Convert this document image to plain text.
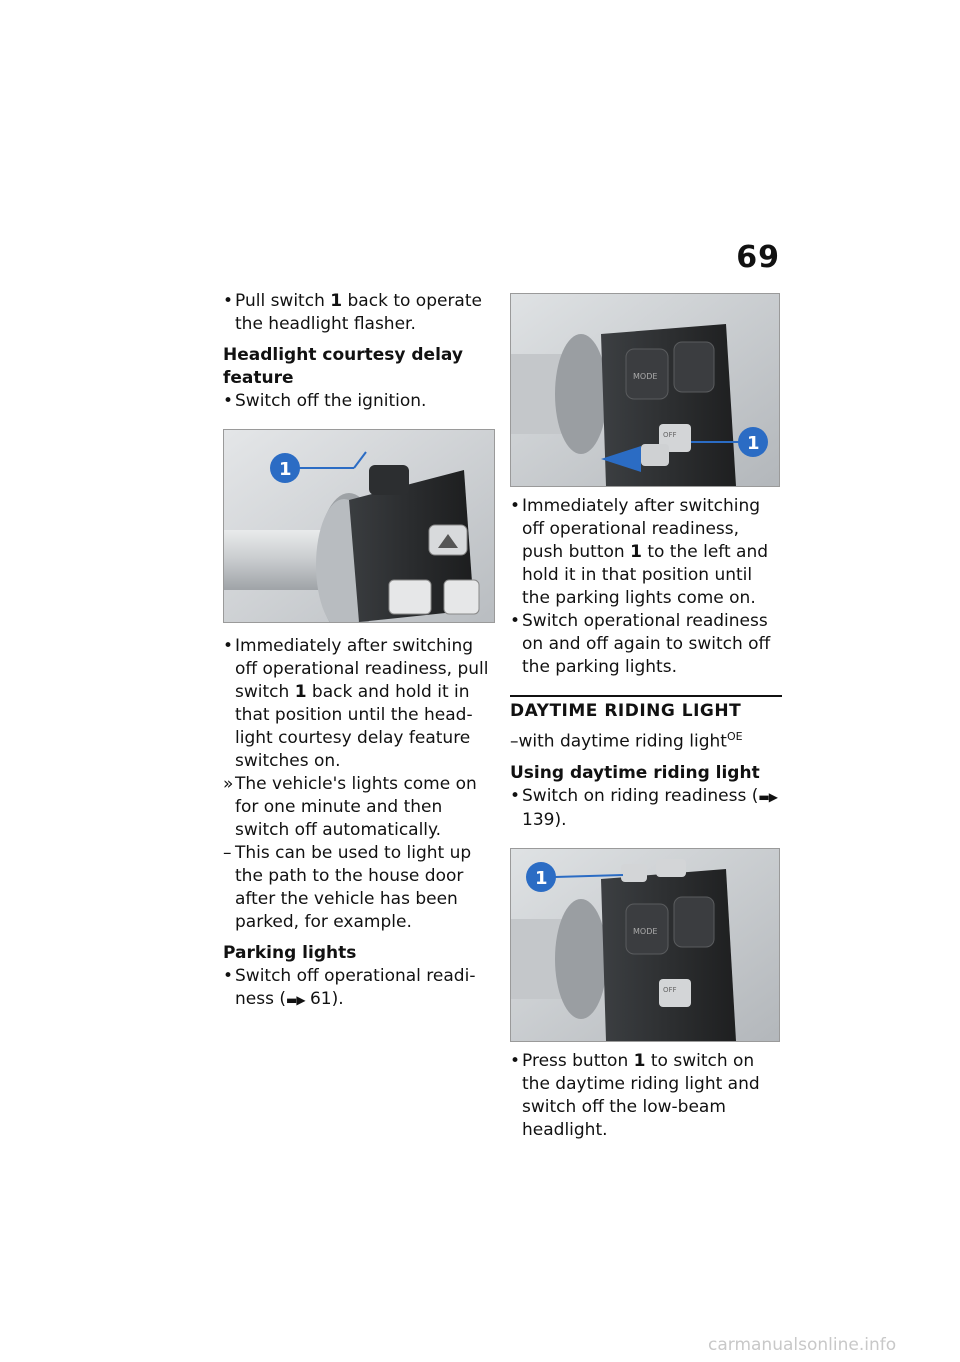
69
• Pull switch 1 back to operate the headlight flasher.
Headlight courtesy delay feature
• Switch off the ignition.
1
• Immediately after switching off operational readiness, pull switch 1 back and hold it in that position until the headlight courtesy delay feature switches on.
» The vehicle's lights come on for one minute and then switch off automatically.
– This can be used to light up the path to the house door after the vehicle has been parked, for example.
Parking lights
• Switch off operational readiness (▬▶ 61).
MODE
OFF	1
• Immediately after switching off operational readiness, push button 1 to the left and hold it in that position until the parking lights come on.
• Switch operational readiness on and off again to switch off the parking lights.
DAYTIME RIDING LIGHT
–with daytime riding light$^{OE}$
Using daytime riding light
• Switch on riding readiness (▬▶ 139).
MODE
OFF
1
• Press button 1 to switch on the daytime riding light and switch off the low-beam headlight.
carmanualsonline.info
